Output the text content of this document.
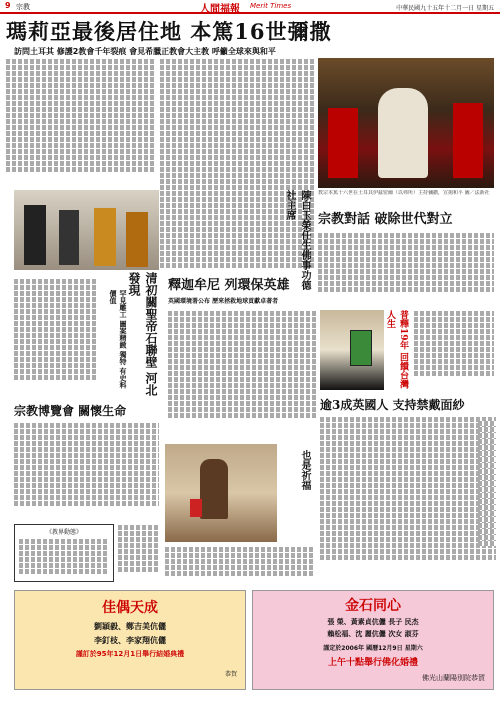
9 宗教	人間福報 Merit Times	中華民國九十五年十二月一日 星期五
瑪莉亞最後居住地 本篤16世彌撒
訪問土耳其 修護2教會千年裂痕 會見希臘正教會大主教 呼籲全球來與和平
教宗本篤十六世在土耳其伊茲密爾（以弗所）主持彌撒，宣揚和平 圖／法新社
陳白玉榮任生佛事功德社主席	宗教對話 破除世代對立
清初關聖帝石聯壁 河北發現
罕見雕工 圖案精緻 獨特 有史料價值
釋迦牟尼 列環保英雄
英國環境署公布 歷來拯救地球貢獻卓著者
普釋19年 回饋台灣人生
逾3成英國人 支持禁戴面紗
宗教博覽會 關懷生命
《教界動態》
也是祈福
佳偶天成
劉穎毅、鄭吉美伉儷
李釘枝、李家翔伉儷
謹訂於95年12月1日舉行結婚典禮
恭賀
金石同心
張 榮、黃素貞伉儷 長子 民杰
賴松福、沈 麗伉儷 次女 淑芬
謹定於2006年 國曆12月9日 星期六
上午十點舉行佛化婚禮
佛光山蘭陽別院恭賀
